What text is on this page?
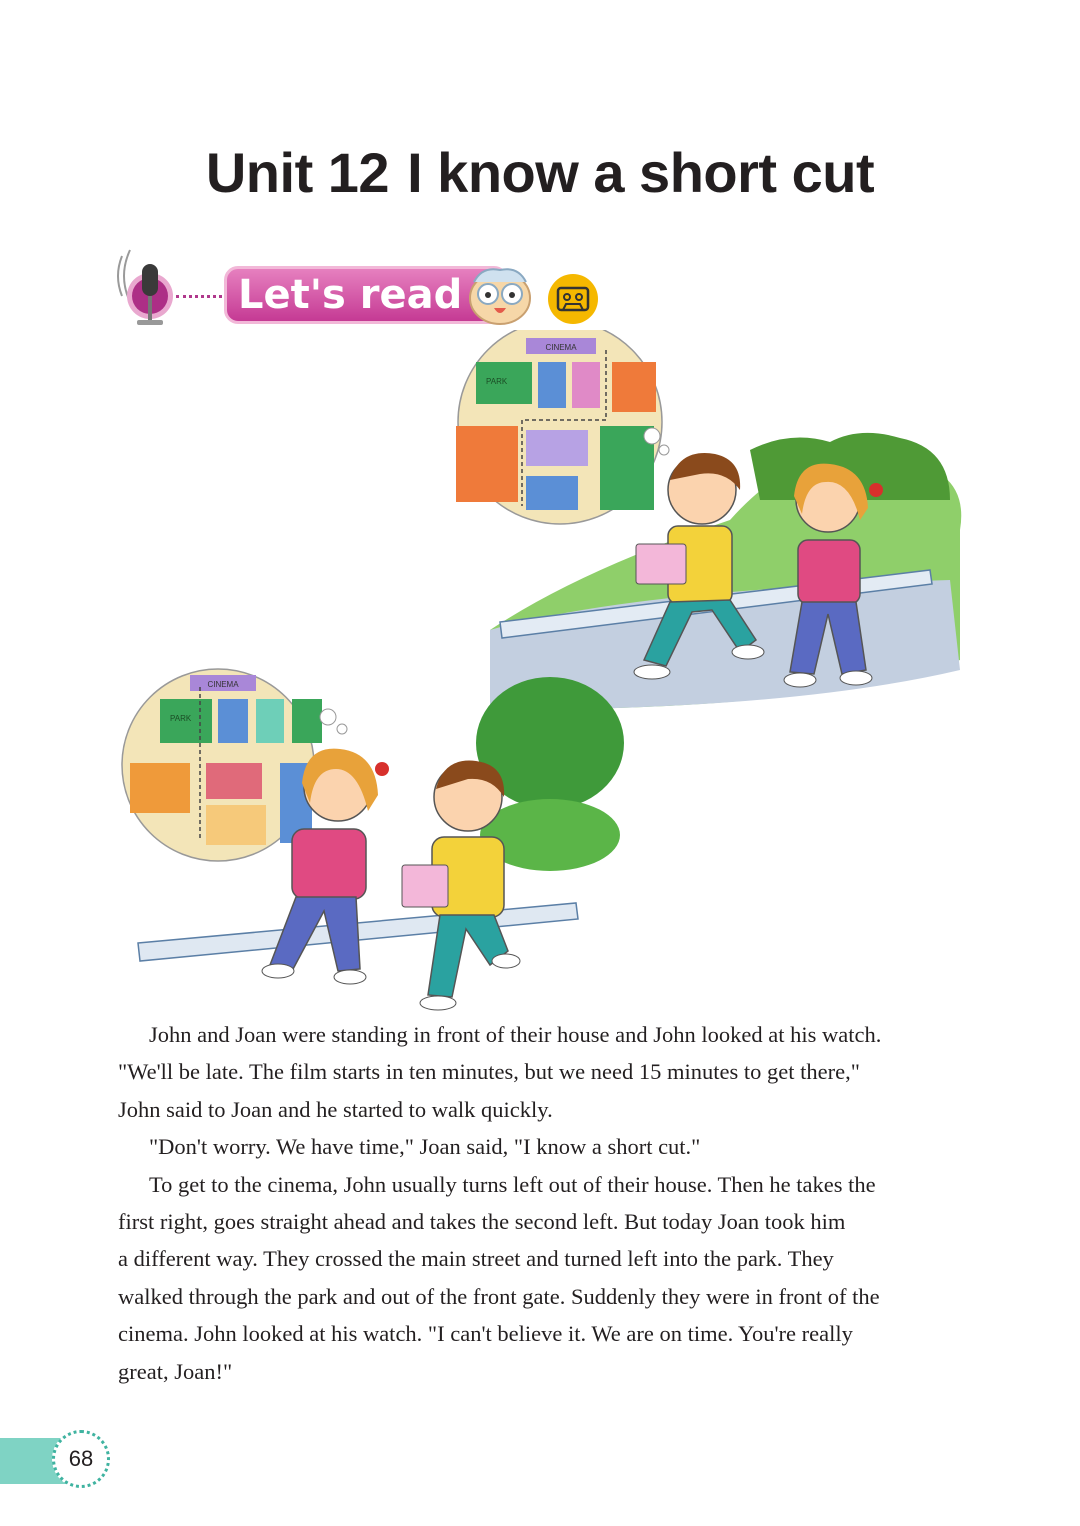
Unit 12 I know a short cut
Let's read
CINEMA
PARK
CINEMA
PARK

John and Joan were standing in front of their house and John looked at his watch.

"We'll be late. The film starts in ten minutes, but we need 15 minutes to get there,"

John said to Joan and he started to walk quickly.

"Don't worry. We have time," Joan said, "I know a short cut."

To get to the cinema, John usually turns left out of their house. Then he takes the

first right, goes straight ahead and takes the second left. But today Joan took him

a different way. They crossed the main street and turned left into the park. They

walked through the park and out of the front gate. Suddenly they were in front of the

cinema. John looked at his watch. "I can't believe it. We are on time. You're really

great, Joan!"

68
